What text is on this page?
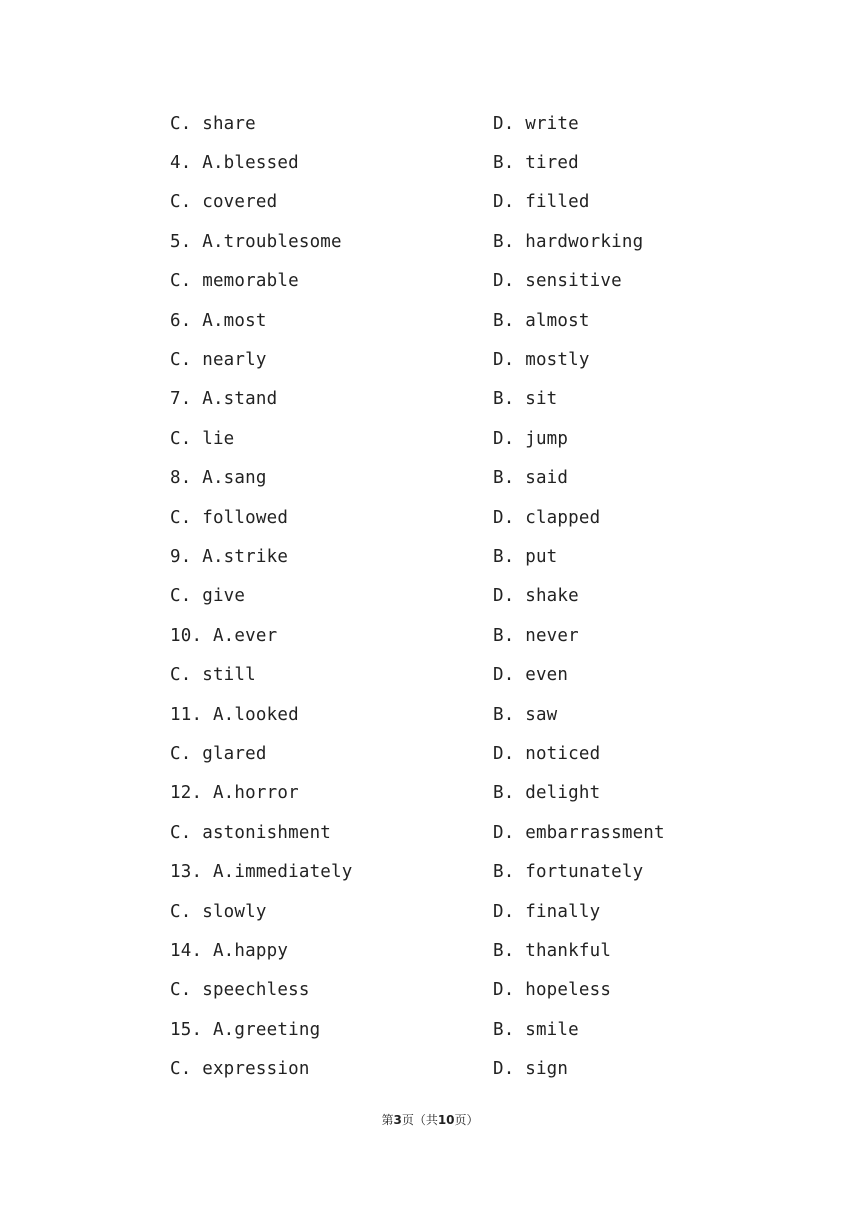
C. share	D. write
4. A.blessed	B. tired
C. covered	D. filled
5. A.troublesome	B. hardworking
C. memorable	D. sensitive
6. A.most	B. almost
C. nearly	D. mostly
7. A.stand	B. sit
C. lie	D. jump
8. A.sang	B. said
C. followed	D. clapped
9. A.strike	B. put
C. give	D. shake
10. A.ever	B. never
C. still	D. even
11. A.looked	B. saw
C. glared	D. noticed
12. A.horror	B. delight
C. astonishment	D. embarrassment
13. A.immediately	B. fortunately
C. slowly	D. finally
14. A.happy	B. thankful
C. speechless	D. hopeless
15. A.greeting	B. smile
C. expression	D. sign
第3页（共10页）
